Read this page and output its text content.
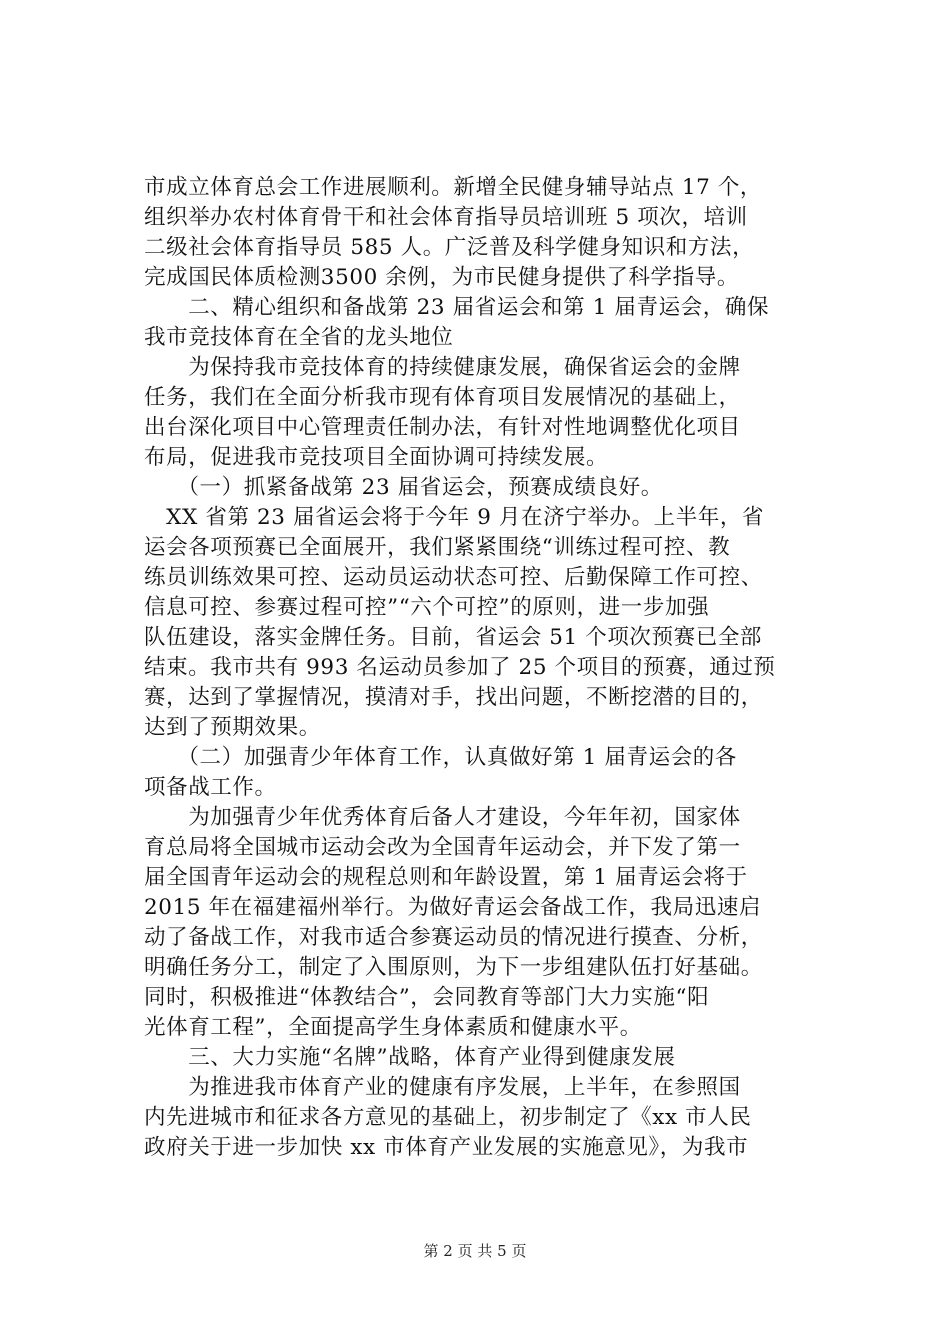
市成立体育总会工作进展顺利。新增全民健身辅导站点 17 个，
组织举办农村体育骨干和社会体育指导员培训班 5 项次，培训
二级社会体育指导员 585 人。广泛普及科学健身知识和方法，
完成国民体质检测3500 余例，为市民健身提供了科学指导。
　　二、精心组织和备战第 23 届省运会和第 1 届青运会，确保
我市竞技体育在全省的龙头地位
　　为保持我市竞技体育的持续健康发展，确保省运会的金牌
任务，我们在全面分析我市现有体育项目发展情况的基础上，
出台深化项目中心管理责任制办法，有针对性地调整优化项目
布局，促进我市竞技项目全面协调可持续发展。
　　（一）抓紧备战第 23 届省运会，预赛成绩良好。
　XX 省第 23 届省运会将于今年 9 月在济宁举办。上半年，省
运会各项预赛已全面展开，我们紧紧围绕“训练过程可控、教
练员训练效果可控、运动员运动状态可控、后勤保障工作可控、
信息可控、参赛过程可控”“六个可控”的原则，进一步加强
队伍建设，落实金牌任务。目前，省运会 51 个项次预赛已全部
结束。我市共有 993 名运动员参加了 25 个项目的预赛，通过预
赛，达到了掌握情况，摸清对手，找出问题，不断挖潜的目的，
达到了预期效果。
　　（二）加强青少年体育工作，认真做好第 1 届青运会的各
项备战工作。
　　为加强青少年优秀体育后备人才建设，今年年初，国家体
育总局将全国城市运动会改为全国青年运动会，并下发了第一
届全国青年运动会的规程总则和年龄设置，第 1 届青运会将于
2015 年在福建福州举行。为做好青运会备战工作，我局迅速启
动了备战工作，对我市适合参赛运动员的情况进行摸查、分析，
明确任务分工，制定了入围原则，为下一步组建队伍打好基础。
同时，积极推进“体教结合”，会同教育等部门大力实施“阳
光体育工程”，全面提高学生身体素质和健康水平。
　　三、大力实施“名牌”战略，体育产业得到健康发展
　　为推进我市体育产业的健康有序发展，上半年，在参照国
内先进城市和征求各方意见的基础上，初步制定了《xx 市人民
政府关于进一步加快 xx 市体育产业发展的实施意见》，为我市
第 2 页 共 5 页
